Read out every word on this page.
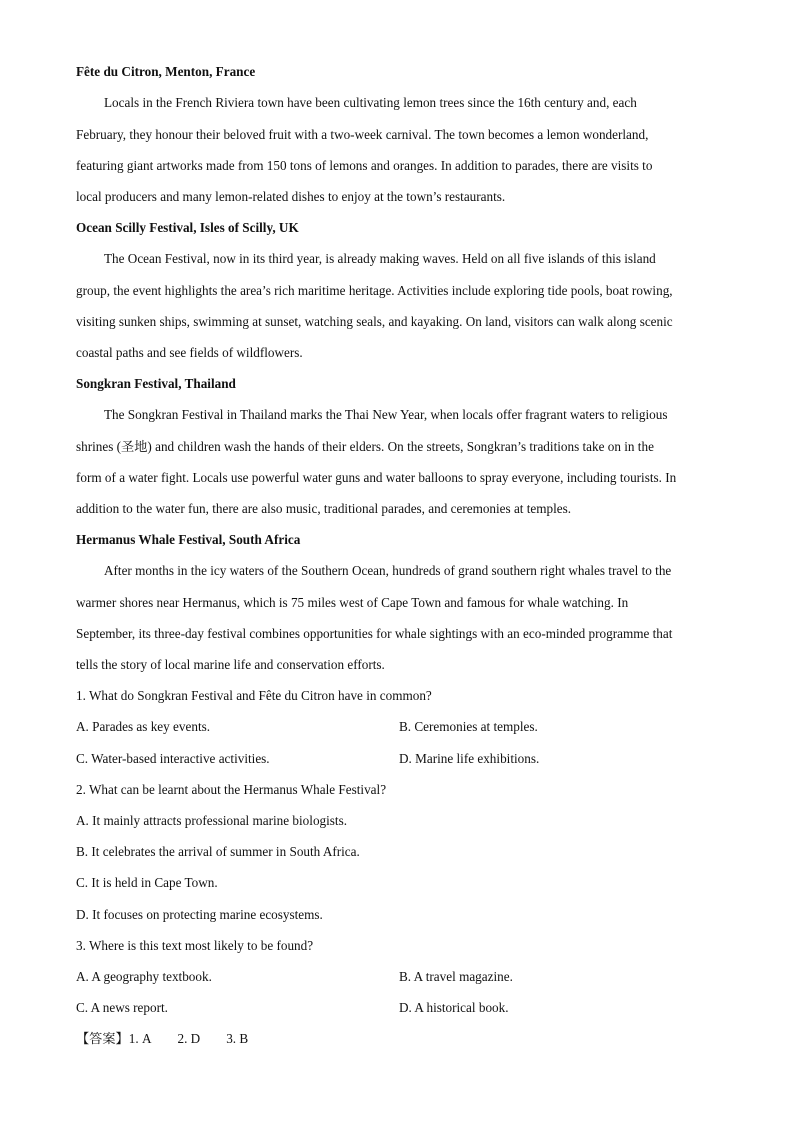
Fête du Citron, Menton, France
Locals in the French Riviera town have been cultivating lemon trees since the 16th century and, each
February, they honour their beloved fruit with a two-week carnival. The town becomes a lemon wonderland,
featuring giant artworks made from 150 tons of lemons and oranges. In addition to parades, there are visits to
local producers and many lemon-related dishes to enjoy at the town’s restaurants.
Ocean Scilly Festival, Isles of Scilly, UK
The Ocean Festival, now in its third year, is already making waves. Held on all five islands of this island
group, the event highlights the area’s rich maritime heritage. Activities include exploring tide pools, boat rowing,
visiting sunken ships, swimming at sunset, watching seals, and kayaking. On land, visitors can walk along scenic
coastal paths and see fields of wildflowers.
Songkran Festival, Thailand
The Songkran Festival in Thailand marks the Thai New Year, when locals offer fragrant waters to religious
shrines (圣地) and children wash the hands of their elders. On the streets, Songkran’s traditions take on in the
form of a water fight. Locals use powerful water guns and water balloons to spray everyone, including tourists. In
addition to the water fun, there are also music, traditional parades, and ceremonies at temples.
Hermanus Whale Festival, South Africa
After months in the icy waters of the Southern Ocean, hundreds of grand southern right whales travel to the
warmer shores near Hermanus, which is 75 miles west of Cape Town and famous for whale watching. In
September, its three-day festival combines opportunities for whale sightings with an eco-minded programme that
tells the story of local marine life and conservation efforts.
1. What do Songkran Festival and Fête du Citron have in common?
A. Parades as key events.	B. Ceremonies at temples.
C. Water-based interactive activities.	D. Marine life exhibitions.
2. What can be learnt about the Hermanus Whale Festival?
A. It mainly attracts professional marine biologists.
B. It celebrates the arrival of summer in South Africa.
C. It is held in Cape Town.
D. It focuses on protecting marine ecosystems.
3. Where is this text most likely to be found?
A. A geography textbook.	B. A travel magazine.
C. A news report.	D. A historical book.
【答案】1. A 2. D 3. B
